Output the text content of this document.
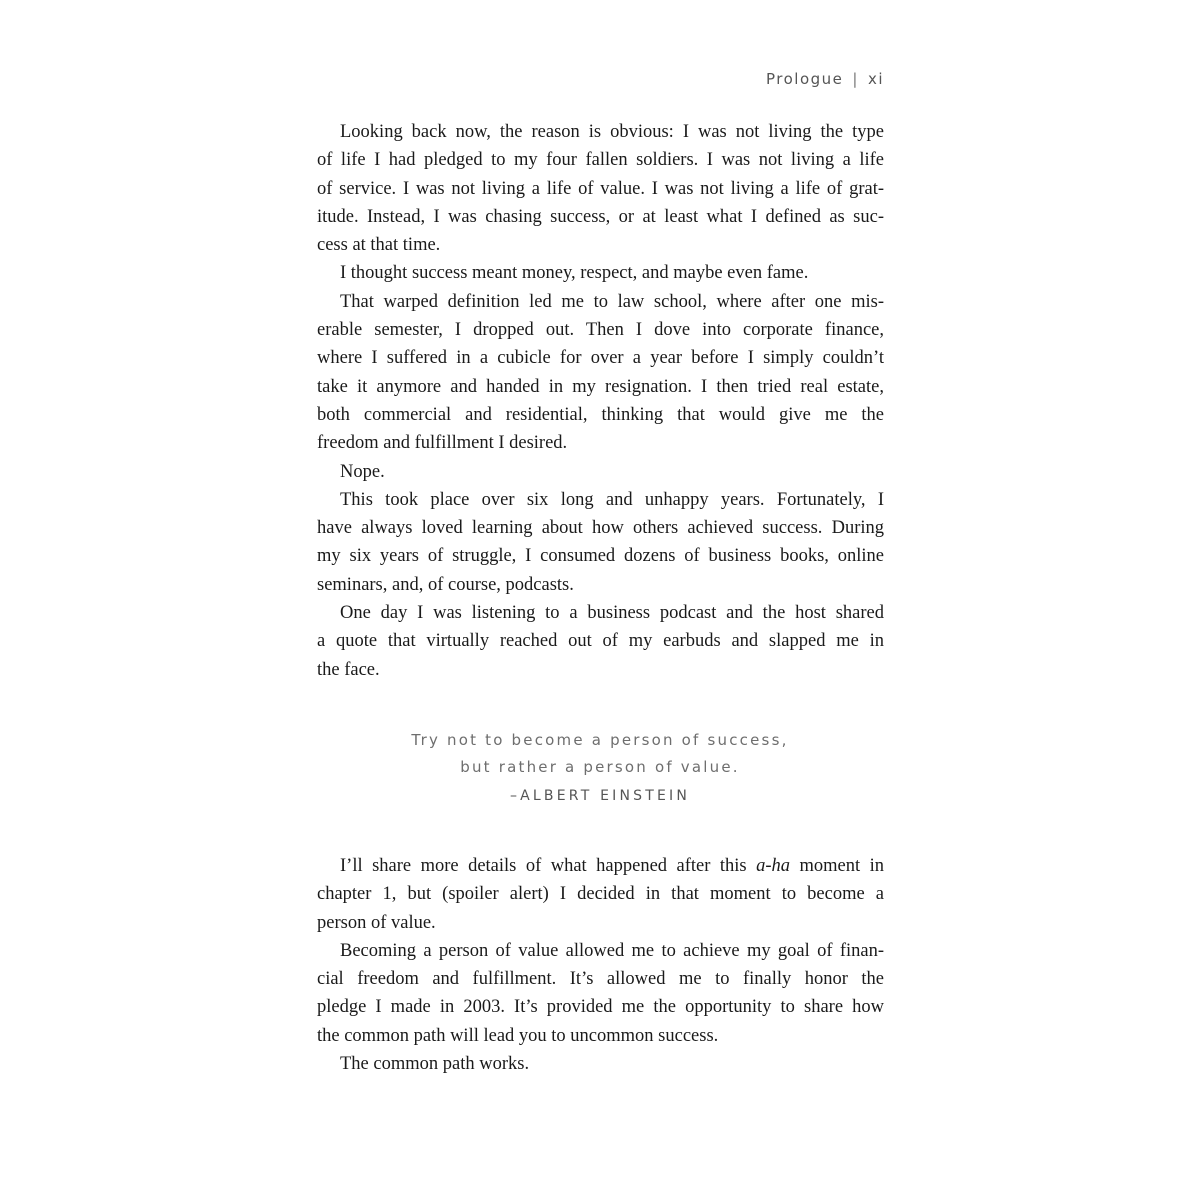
Prologue | xi
Looking back now, the reason is obvious: I was not living the type
of life I had pledged to my four fallen soldiers. I was not living a life
of service. I was not living a life of value. I was not living a life of grat-
itude. Instead, I was chasing success, or at least what I defined as suc-
cess at that time.
I thought success meant money, respect, and maybe even fame.
That warped definition led me to law school, where after one mis-
erable semester, I dropped out. Then I dove into corporate finance,
where I suffered in a cubicle for over a year before I simply couldn’t
take it anymore and handed in my resignation. I then tried real estate,
both commercial and residential, thinking that would give me the
freedom and fulfillment I desired.
Nope.
This took place over six long and unhappy years. Fortunately, I
have always loved learning about how others achieved success. During
my six years of struggle, I consumed dozens of business books, online
seminars, and, of course, podcasts.
One day I was listening to a business podcast and the host shared
a quote that virtually reached out of my earbuds and slapped me in
the face.
Try not to become a person of success,
but rather a person of value.
–ALBERT EINSTEIN
I’ll share more details of what happened after this a-ha moment in
chapter 1, but (spoiler alert) I decided in that moment to become a
person of value.
Becoming a person of value allowed me to achieve my goal of finan-
cial freedom and fulfillment. It’s allowed me to finally honor the
pledge I made in 2003. It’s provided me the opportunity to share how
the common path will lead you to uncommon success.
The common path works.
